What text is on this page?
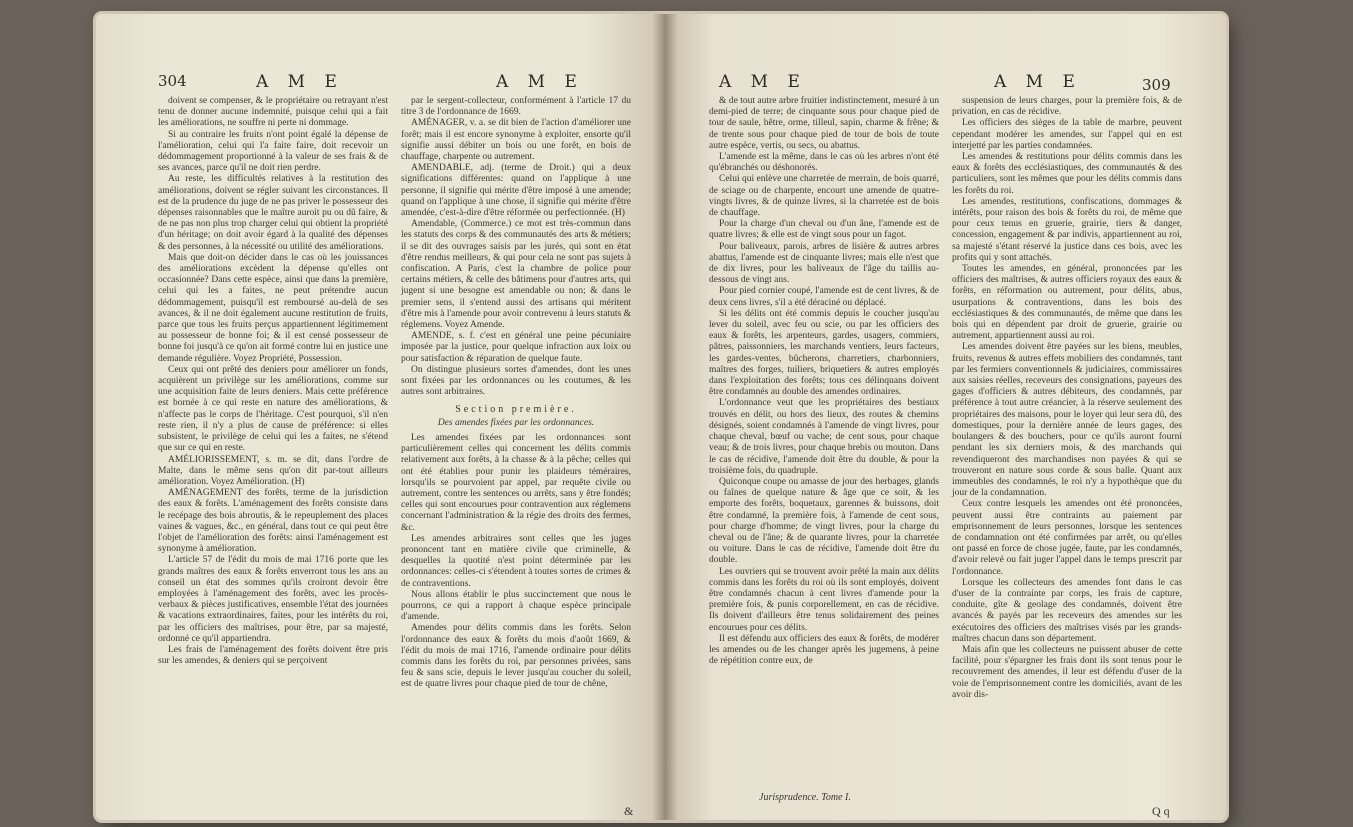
304	A M E	A M E

doivent se compenser, & le propriétaire ou retrayant n'est tenu de donner aucune indemnité, puisque celui qui a fait les améliorations, ne souffre ni perte ni dommage.

Si au contraire les fruits n'ont point égalé la dépense de l'amélioration, celui qui l'a faite faire, doit recevoir un dédommagement proportionné à la valeur de ses frais & de ses avances, parce qu'il ne doit rien perdre.

Au reste, les difficultés relatives à la restitution des améliorations, doivent se régler suivant les circonstances. Il est de la prudence du juge de ne pas priver le possesseur des dépenses raisonnables que le maître auroit pu ou dû faire, & de ne pas non plus trop charger celui qui obtient la propriété d'un héritage; on doit avoir égard à la qualité des dépenses & des personnes, à la nécessité ou utilité des améliorations.

Mais que doit-on décider dans le cas où les jouissances des améliorations excèdent la dépense qu'elles ont occasionnée? Dans cette espèce, ainsi que dans la première, celui qui les a faites, ne peut prétendre aucun dédommagement, puisqu'il est remboursé au-delà de ses avances, & il ne doit également aucune restitution de fruits, parce que tous les fruits perçus appartiennent légitimement au possesseur de bonne foi; & il est censé possesseur de bonne foi jusqu'à ce qu'on ait formé contre lui en justice une demande régulière. Voyez Propriété, Possession.

Ceux qui ont prêté des deniers pour améliorer un fonds, acquièrent un privilège sur les améliorations, comme sur une acquisition faite de leurs deniers. Mais cette préférence est bornée à ce qui reste en nature des améliorations, & n'affecte pas le corps de l'héritage. C'est pourquoi, s'il n'en reste rien, il n'y a plus de cause de préférence: si elles subsistent, le privilège de celui qui les a faites, ne s'étend que sur ce qui en reste.

AMÉLIORISSEMENT, s. m. se dit, dans l'ordre de Malte, dans le même sens qu'on dit par-tout ailleurs amélioration. Voyez Amélioration. (H)

AMÉNAGEMENT des forêts, terme de la jurisdiction des eaux & forêts. L'aménagement des forêts consiste dans le recépage des bois abroutis, & le repeuplement des places vaines & vagues, &c., en général, dans tout ce qui peut être l'objet de l'amélioration des forêts: ainsi l'aménagement est synonyme à amélioration.

L'article 57 de l'édit du mois de mai 1716 porte que les grands maîtres des eaux & forêts enverront tous les ans au conseil un état des sommes qu'ils croiront devoir être employées à l'aménagement des forêts, avec les procès-verbaux & pièces justificatives, ensemble l'état des journées & vacations extraordinaires, faites, pour les intérêts du roi, par les officiers des maîtrises, pour être, par sa majesté, ordonné ce qu'il appartiendra.

Les frais de l'aménagement des forêts doivent être pris sur les amendes, & deniers qui se perçoivent

par le sergent-collecteur, conformément à l'article 17 du titre 3 de l'ordonnance de 1669.

AMÉNAGER, v. a. se dit bien de l'action d'améliorer une forêt; mais il est encore synonyme à exploiter, ensorte qu'il signifie aussi débiter un bois ou une forêt, en bois de chauffage, charpente ou autrement.

AMENDABLE, adj. (terme de Droit.) qui a deux significations différentes: quand on l'applique à une personne, il signifie qui mérite d'être imposé à une amende; quand on l'applique à une chose, il signifie qui mérite d'être amendée, c'est-à-dire d'être réformée ou perfectionnée. (H)

Amendable, (Commerce.) ce mot est très-commun dans les statuts des corps & des communautés des arts & métiers; il se dit des ouvrages saisis par les jurés, qui sont en état d'être rendus meilleurs, & qui pour cela ne sont pas sujets à confiscation. A Paris, c'est la chambre de police pour certains métiers, & celle des bâtimens pour d'autres arts, qui jugent si une besogne est amendable ou non; & dans le premier sens, il s'entend aussi des artisans qui méritent d'être mis à l'amende pour avoir contrevenu à leurs statuts & réglemens. Voyez Amende.

AMENDE, s. f. c'est en général une peine pécuniaire imposée par la justice, pour quelque infraction aux loix ou pour satisfaction & réparation de quelque faute.

On distingue plusieurs sortes d'amendes, dont les unes sont fixées par les ordonnances ou les coutumes, & les autres sont arbitraires.

Section première.

Des amendes fixées par les ordonnances.

Les amendes fixées par les ordonnances sont particulièrement celles qui concernent les délits commis relativement aux forêts, à la chasse & à la pêche; celles qui ont été établies pour punir les plaideurs téméraires, lorsqu'ils se pourvoient par appel, par requête civile ou autrement, contre les sentences ou arrêts, sans y être fondés; celles qui sont encourues pour contravention aux réglemens concernant l'administration & la régie des droits des fermes, &c.

Les amendes arbitraires sont celles que les juges prononcent tant en matière civile que criminelle, & desquelles la quotité n'est point déterminée par les ordonnances: celles-ci s'étendent à toutes sortes de crimes & de contraventions.

Nous allons établir le plus succinctement que nous le pourrons, ce qui a rapport à chaque espèce principale d'amende.

Amendes pour délits commis dans les forêts. Selon l'ordonnance des eaux & forêts du mois d'août 1669, & l'édit du mois de mai 1716, l'amende ordinaire pour délits commis dans les forêts du roi, par personnes privées, sans feu & sans scie, depuis le lever jusqu'au coucher du soleil, est de quatre livres pour chaque pied de tour de chêne,

&
A M E	A M E	309

& de tout autre arbre fruitier indistinctement, mesuré à un demi-pied de terre; de cinquante sous pour chaque pied de tour de saule, hêtre, orme, tilleul, sapin, charme & frêne; & de trente sous pour chaque pied de tour de bois de toute autre espèce, vertis, ou secs, ou abattus.

L'amende est la même, dans le cas où les arbres n'ont été qu'ébranchés ou déshonorés.

Celui qui enlève une charretée de merrain, de bois quarré, de sciage ou de charpente, encourt une amende de quatre-vingts livres, & de quinze livres, si la charretée est de bois de chauffage.

Pour la charge d'un cheval ou d'un âne, l'amende est de quatre livres; & elle est de vingt sous pour un fagot.

Pour baliveaux, parois, arbres de lisière & autres arbres abattus, l'amende est de cinquante livres; mais elle n'est que de dix livres, pour les baliveaux de l'âge du taillis au-dessous de vingt ans.

Pour pied cornier coupé, l'amende est de cent livres, & de deux cens livres, s'il a été déraciné ou déplacé.

Si les délits ont été commis depuis le coucher jusqu'au lever du soleil, avec feu ou scie, ou par les officiers des eaux & forêts, les arpenteurs, gardes, usagers, commiers, pâtres, paissonniers, les marchands ventiers, leurs facteurs, les gardes-ventes, bûcherons, charretiers, charbonniers, maîtres des forges, tuiliers, briquetiers & autres employés dans l'exploitation des forêts; tous ces délinquans doivent être condamnés au double des amendes ordinaires.

L'ordonnance veut que les propriétaires des bestiaux trouvés en délit, ou hors des lieux, des routes & chemins désignés, soient condamnés à l'amende de vingt livres, pour chaque cheval, bœuf ou vache; de cent sous, pour chaque veau; & de trois livres, pour chaque brebis ou mouton. Dans le cas de récidive, l'amende doit être du double, & pour la troisième fois, du quadruple.

Quiconque coupe ou amasse de jour des herbages, glands ou faînes de quelque nature & âge que ce soit, & les emporte des forêts, boquetaux, garennes & buissons, doit être condamné, la première fois, à l'amende de cent sous, pour charge d'homme; de vingt livres, pour la charge du cheval ou de l'âne; & de quarante livres, pour la charretée ou voiture. Dans le cas de récidive, l'amende doit être du double.

Les ouvriers qui se trouvent avoir prêté la main aux délits commis dans les forêts du roi où ils sont employés, doivent être condamnés chacun à cent livres d'amende pour la première fois, & punis corporellement, en cas de récidive. Ils doivent d'ailleurs être tenus solidairement des peines encourues pour ces délits.

Il est défendu aux officiers des eaux & forêts, de modérer les amendes ou de les changer après les jugemens, à peine de répétition contre eux, de

suspension de leurs charges, pour la première fois, & de privation, en cas de récidive.

Les officiers des sièges de la table de marbre, peuvent cependant modérer les amendes, sur l'appel qui en est interjetté par les parties condamnées.

Les amendes & restitutions pour délits commis dans les eaux & forêts des ecclésiastiques, des communautés & des particuliers, sont les mêmes que pour les délits commis dans les forêts du roi.

Les amendes, restitutions, confiscations, dommages & intérêts, pour raison des bois & forêts du roi, de même que pour ceux tenus en gruerie, grairie, tiers & danger, concession, engagement & par indivis, appartiennent au roi, sa majesté s'étant réservé la justice dans ces bois, avec les profits qui y sont attachés.

Toutes les amendes, en général, prononcées par les officiers des maîtrises, & autres officiers royaux des eaux & forêts, en réformation ou autrement, pour délits, abus, usurpations & contraventions, dans les bois des ecclésiastiques & des communautés, de même que dans les bois qui en dépendent par droit de gruerie, grairie ou autrement, appartiennent aussi au roi.

Les amendes doivent être payées sur les biens, meubles, fruits, revenus & autres effets mobiliers des condamnés, tant par les fermiers conventionnels & judiciaires, commissaires aux saisies réelles, receveurs des consignations, payeurs des gages d'officiers & autres débiteurs, des condamnés, par préférence à tout autre créancier, à la réserve seulement des propriétaires des maisons, pour le loyer qui leur sera dû, des domestiques, pour la dernière année de leurs gages, des boulangers & des bouchers, pour ce qu'ils auront fourni pendant les six derniers mois, & des marchands qui revendiqueront des marchandises non payées & qui se trouveront en nature sous corde & sous balle. Quant aux immeubles des condamnés, le roi n'y a hypothèque que du jour de la condamnation.

Ceux contre lesquels les amendes ont été prononcées, peuvent aussi être contraints au paiement par emprisonnement de leurs personnes, lorsque les sentences de condamnation ont été confirmées par arrêt, ou qu'elles ont passé en force de chose jugée, faute, par les condamnés, d'avoir relevé ou fait juger l'appel dans le temps prescrit par l'ordonnance.

Lorsque les collecteurs des amendes font dans le cas d'user de la contrainte par corps, les frais de capture, conduite, gîte & geolage des condamnés, doivent être avancés & payés par les receveurs des amendes sur les exécutoires des officiers des maîtrises visés par les grands-maîtres chacun dans son département.

Mais afin que les collecteurs ne puissent abuser de cette facilité, pour s'épargner les frais dont ils sont tenus pour le recouvrement des amendes, il leur est défendu d'user de la voie de l'emprisonnement contre les domiciliés, avant de les avoir dis-

Jurisprudence. Tome I.
Q q
